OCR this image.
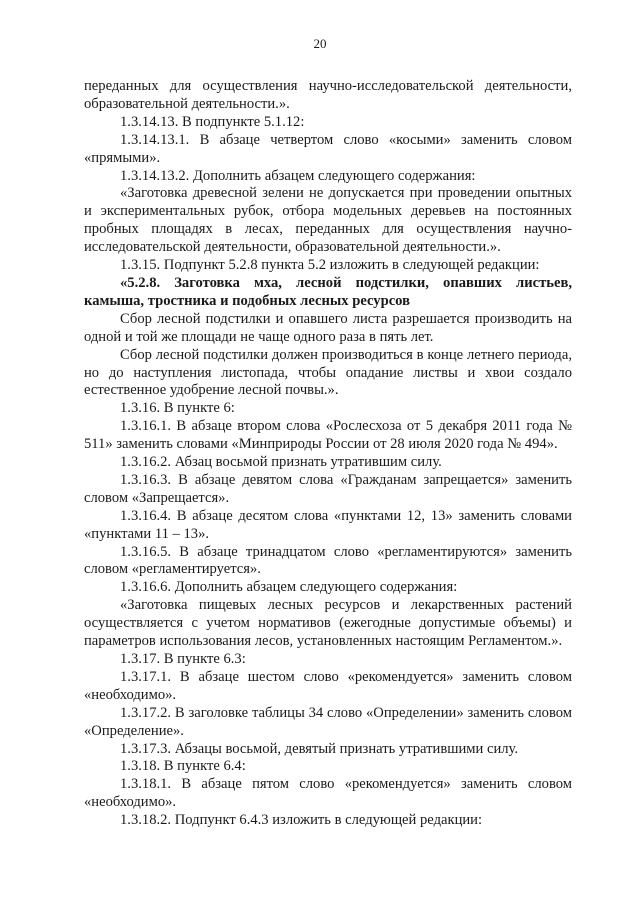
20

переданных для осуществления научно-исследовательской деятельности, образовательной деятельности.».

1.3.14.13. В подпункте 5.1.12:

1.3.14.13.1. В абзаце четвертом слово «косыми» заменить словом «прямыми».

1.3.14.13.2. Дополнить абзацем следующего содержания:

«Заготовка древесной зелени не допускается при проведении опытных и экспериментальных рубок, отбора модельных деревьев на постоянных пробных площадях в лесах, переданных для осуществления научно-исследовательской деятельности, образовательной деятельности.».

1.3.15. Подпункт 5.2.8 пункта 5.2 изложить в следующей редакции:

«5.2.8. Заготовка мха, лесной подстилки, опавших листьев, камыша, тростника и подобных лесных ресурсов

Сбор лесной подстилки и опавшего листа разрешается производить на одной и той же площади не чаще одного раза в пять лет.

Сбор лесной подстилки должен производиться в конце летнего периода, но до наступления листопада, чтобы опадание листвы и хвои создало естественное удобрение лесной почвы.».

1.3.16. В пункте 6:

1.3.16.1. В абзаце втором слова «Рослесхоза от 5 декабря 2011 года № 511» заменить словами «Минприроды России от 28 июля 2020 года № 494».

1.3.16.2. Абзац восьмой признать утратившим силу.

1.3.16.3. В абзаце девятом слова «Гражданам запрещается» заменить словом «Запрещается».

1.3.16.4. В абзаце десятом слова «пунктами 12, 13» заменить словами «пунктами 11 – 13».

1.3.16.5. В абзаце тринадцатом слово «регламентируются» заменить словом «регламентируется».

1.3.16.6. Дополнить абзацем следующего содержания:

«Заготовка пищевых лесных ресурсов и лекарственных растений осуществляется с учетом нормативов (ежегодные допустимые объемы) и параметров использования лесов, установленных настоящим Регламентом.».

1.3.17. В пункте 6.3:

1.3.17.1. В абзаце шестом слово «рекомендуется» заменить словом «необходимо».

1.3.17.2. В заголовке таблицы 34 слово «Определении» заменить словом «Определение».

1.3.17.3. Абзацы восьмой, девятый признать утратившими силу.

1.3.18. В пункте 6.4:

1.3.18.1. В абзаце пятом слово «рекомендуется» заменить словом «необходимо».

1.3.18.2. Подпункт 6.4.3 изложить в следующей редакции:
